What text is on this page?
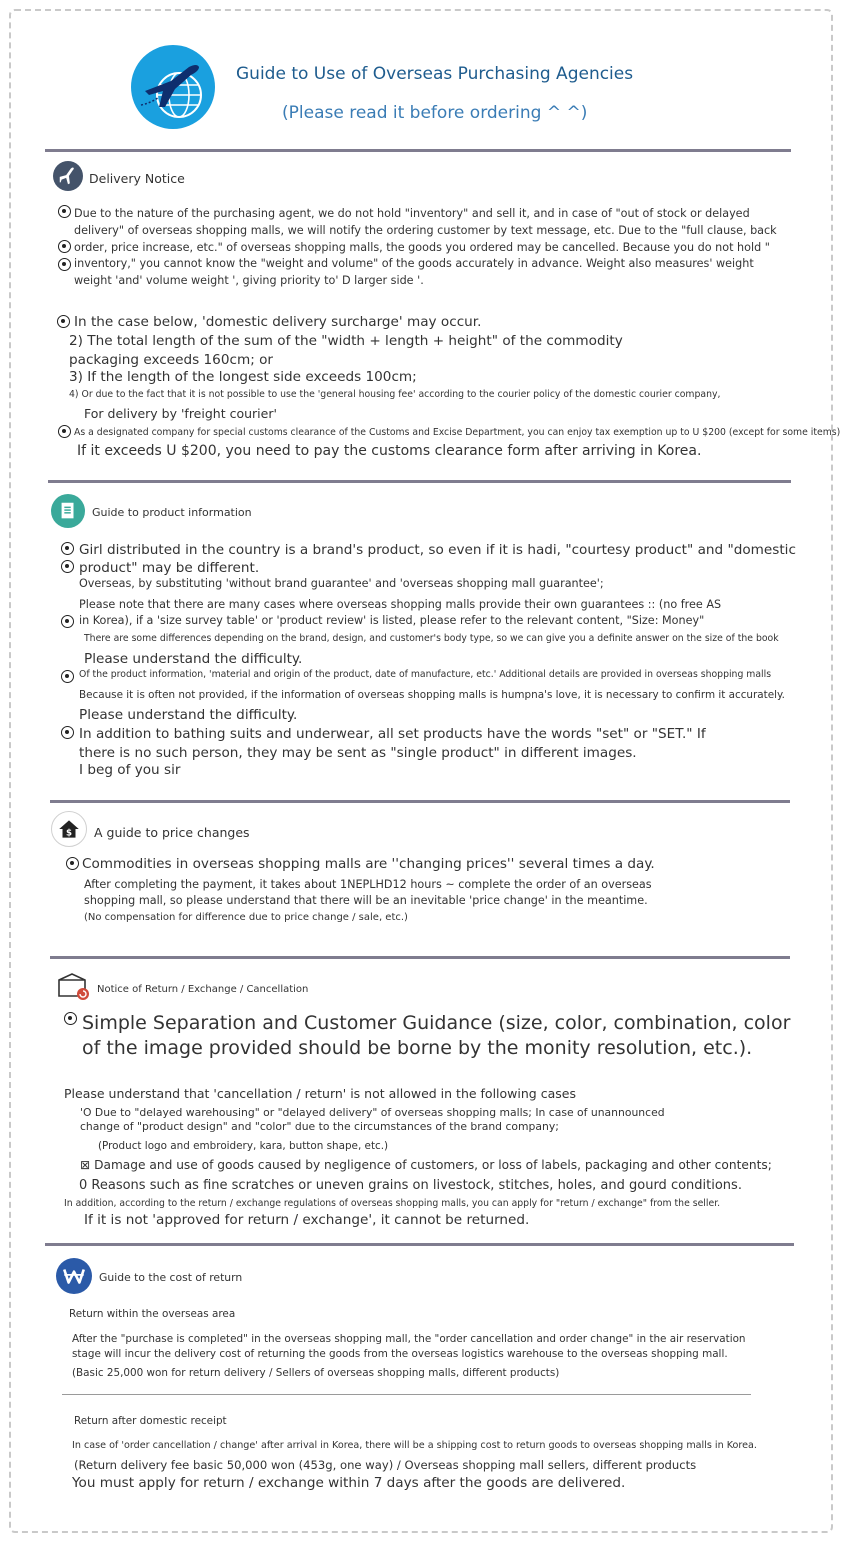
Guide to Use of Overseas Purchasing Agencies
(Please read it before ordering ^ ^)
Delivery Notice

Due to the nature of the purchasing agent, we do not hold "inventory" and sell it, and in case of "out of stock or delayed

delivery" of overseas shopping malls, we will notify the ordering customer by text message, etc. Due to the "full clause, back

order, price increase, etc." of overseas shopping malls, the goods you ordered may be cancelled. Because you do not hold "

inventory," you cannot know the "weight and volume" of the goods accurately in advance. Weight also measures' weight

weight 'and' volume weight ', giving priority to' D larger side '.

In the case below, 'domestic delivery surcharge' may occur.
2) The total length of the sum of the "width + length + height" of the commodity
packaging exceeds 160cm; or
3) If the length of the longest side exceeds 100cm;
4) Or due to the fact that it is not possible to use the 'general housing fee' according to the courier policy of the domestic courier company,
For delivery by 'freight courier'
As a designated company for special customs clearance of the Customs and Excise Department, you can enjoy tax exemption up to U $200 (except for some items)
If it exceeds U $200, you need to pay the customs clearance form after arriving in Korea.
Guide to product information
Girl distributed in the country is a brand's product, so even if it is hadi, "courtesy product" and "domestic
product" may be different.
Overseas, by substituting 'without brand guarantee' and 'overseas shopping mall guarantee';
Please note that there are many cases where overseas shopping malls provide their own guarantees :: (no free AS
in Korea), if a 'size survey table' or 'product review' is listed, please refer to the relevant content, "Size: Money"
There are some differences depending on the brand, design, and customer's body type, so we can give you a definite answer on the size of the book
Please understand the difficulty.
Of the product information, 'material and origin of the product, date of manufacture, etc.' Additional details are provided in overseas shopping malls
Because it is often not provided, if the information of overseas shopping malls is humpna's love, it is necessary to confirm it accurately.
Please understand the difficulty.
In addition to bathing suits and underwear, all set products have the words "set" or "SET." If
there is no such person, they may be sent as "single product" in different images.
I beg of you sir
$ A guide to price changes
Commodities in overseas shopping malls are ''changing prices'' several times a day.
After completing the payment, it takes about 1NEPLHD12 hours ~ complete the order of an overseas
shopping mall, so please understand that there will be an inevitable 'price change' in the meantime.
(No compensation for difference due to price change / sale, etc.)
Notice of Return / Exchange / Cancellation
Simple Separation and Customer Guidance (size, color, combination, color
of the image provided should be borne by the monity resolution, etc.).
Please understand that 'cancellation / return' is not allowed in the following cases
'O Due to "delayed warehousing" or "delayed delivery" of overseas shopping malls; In case of unannounced
change of "product design" and "color" due to the circumstances of the brand company;
(Product logo and embroidery, kara, button shape, etc.)
⊠ Damage and use of goods caused by negligence of customers, or loss of labels, packaging and other contents;
0 Reasons such as fine scratches or uneven grains on livestock, stitches, holes, and gourd conditions.
In addition, according to the return / exchange regulations of overseas shopping malls, you can apply for "return / exchange" from the seller.
If it is not 'approved for return / exchange', it cannot be returned.
Guide to the cost of return
Return within the overseas area
After the "purchase is completed" in the overseas shopping mall, the "order cancellation and order change" in the air reservation
stage will incur the delivery cost of returning the goods from the overseas logistics warehouse to the overseas shopping mall.
(Basic 25,000 won for return delivery / Sellers of overseas shopping malls, different products)
Return after domestic receipt
In case of 'order cancellation / change' after arrival in Korea, there will be a shipping cost to return goods to overseas shopping malls in Korea.
(Return delivery fee basic 50,000 won (453g, one way) / Overseas shopping mall sellers, different products
You must apply for return / exchange within 7 days after the goods are delivered.
